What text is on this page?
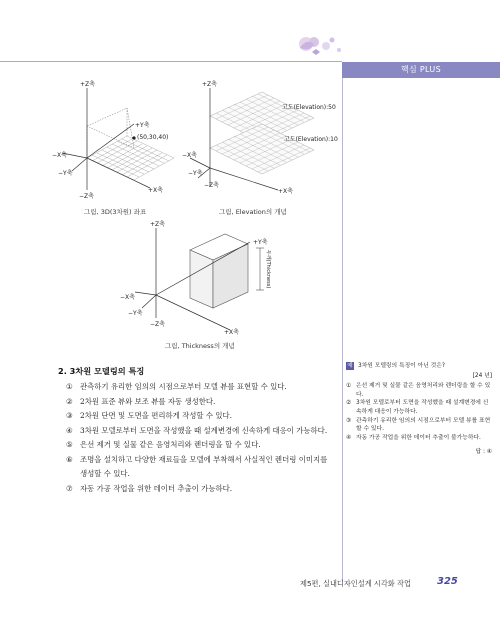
핵심 PLUS
+Z축
+Y축
(50,30,40)
−X축
−Y축
−Z축
+X축
그림, 3D(3차원) 좌표
+Z축
고도(Elevation):50
고도(Elevation):10
−X축
−Y축
−Z축
+X축
그림, Elevation의 개념
+Z축
+Y축
−X축
−Y축
−Z축
+X축
두께(Thickness)
그림, Thickness의 개념
2. 3차원 모델링의 특징
① 관측하기 유리한 임의의 시점으로부터 모델 뷰를 표현할 수 있다.
② 2차원 표준 뷰와 보조 뷰를 자동 생성한다.
③ 2차원 단면 및 도면을 편리하게 작성할 수 있다.
④ 3차원 모델로부터 도면을 작성했을 때 설계변경에 신속하게 대응이 가능하다.
⑤ 은선 제거 및 실물 같은 음영처리와 렌더링을 할 수 있다.
⑥ 조명을 설치하고 다양한 재료들을 모델에 부착해서 사실적인 렌더링 이미지를 생성할 수 있다.
⑦ 자동 가공 작업을 위한 데이터 추출이 가능하다.
예 3차원 모델링의 특징이 아닌 것은?
[24 년]
① 은선 제거 및 실물 같은 음영처리와 렌더링을 할 수 있다.
② 3차원 모델로부터 도면을 작성했을 때 설계변경에 신속하게 대응이 가능하다.
③ 관측하기 유리한 임의의 시점으로부터 모델 뷰를 표현할 수 있다.
④ 자동 가공 작업을 위한 데이터 추출이 불가능하다.
답 : ④
제5편, 실내디자인설계 시각화 작업	325
